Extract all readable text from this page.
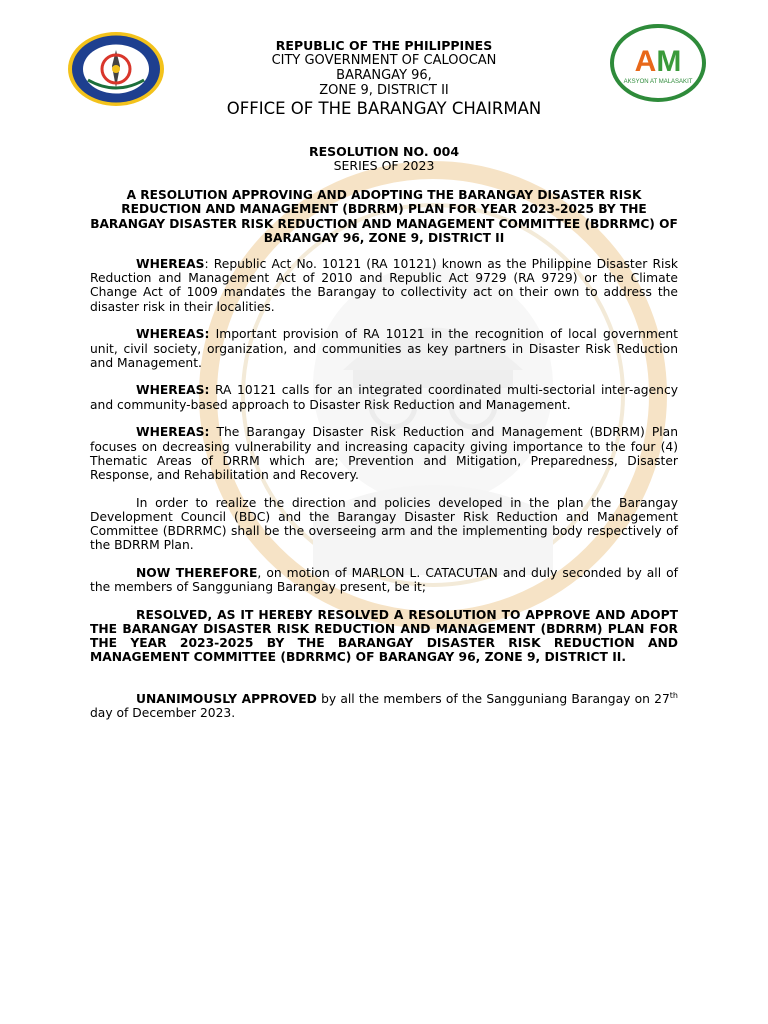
AM
AKSYON AT MALASAKIT
REPUBLIC OF THE PHILIPPINES
CITY GOVERNMENT OF CALOOCAN
BARANGAY 96,
ZONE 9, DISTRICT II
OFFICE OF THE BARANGAY CHAIRMAN
RESOLUTION NO. 004
SERIES OF 2023
A RESOLUTION APPROVING AND ADOPTING THE BARANGAY DISASTER RISK REDUCTION AND MANAGEMENT (BDRRM) PLAN FOR YEAR 2023-2025 BY THE BARANGAY DISASTER RISK REDUCTION AND MANAGEMENT COMMITTEE (BDRRMC) OF BARANGAY 96, ZONE 9, DISTRICT II

WHEREAS: Republic Act No. 10121 (RA 10121) known as the Philippine Disaster Risk Reduction and Management Act of 2010 and Republic Act 9729 (RA 9729) or the Climate Change Act of 1009 mandates the Barangay to collectivity act on their own to address the disaster risk in their localities.

WHEREAS: Important provision of RA 10121 in the recognition of local government unit, civil society, organization, and communities as key partners in Disaster Risk Reduction and Management.

WHEREAS: RA 10121 calls for an integrated coordinated multi-sectorial inter-agency and community-based approach to Disaster Risk Reduction and Management.

WHEREAS: The Barangay Disaster Risk Reduction and Management (BDRRM) Plan focuses on decreasing vulnerability and increasing capacity giving importance to the four (4) Thematic Areas of DRRM which are; Prevention and Mitigation, Preparedness, Disaster Response, and Rehabilitation and Recovery.

In order to realize the direction and policies developed in the plan the Barangay Development Council (BDC) and the Barangay Disaster Risk Reduction and Management Committee (BDRRMC) shall be the overseeing arm and the implementing body respectively of the BDRRM Plan.

NOW THEREFORE, on motion of MARLON L. CATACUTAN and duly seconded by all of the members of Sangguniang Barangay present, be it;

RESOLVED, AS IT HEREBY RESOLVED A RESOLUTION TO APPROVE AND ADOPT THE BARANGAY DISASTER RISK REDUCTION AND MANAGEMENT (BDRRM) PLAN FOR THE YEAR 2023-2025 BY THE BARANGAY DISASTER RISK REDUCTION AND MANAGEMENT COMMITTEE (BDRRMC) OF BARANGAY 96, ZONE 9, DISTRICT II.

UNANIMOUSLY APPROVED by all the members of the Sangguniang Barangay on 27th day of December 2023.
